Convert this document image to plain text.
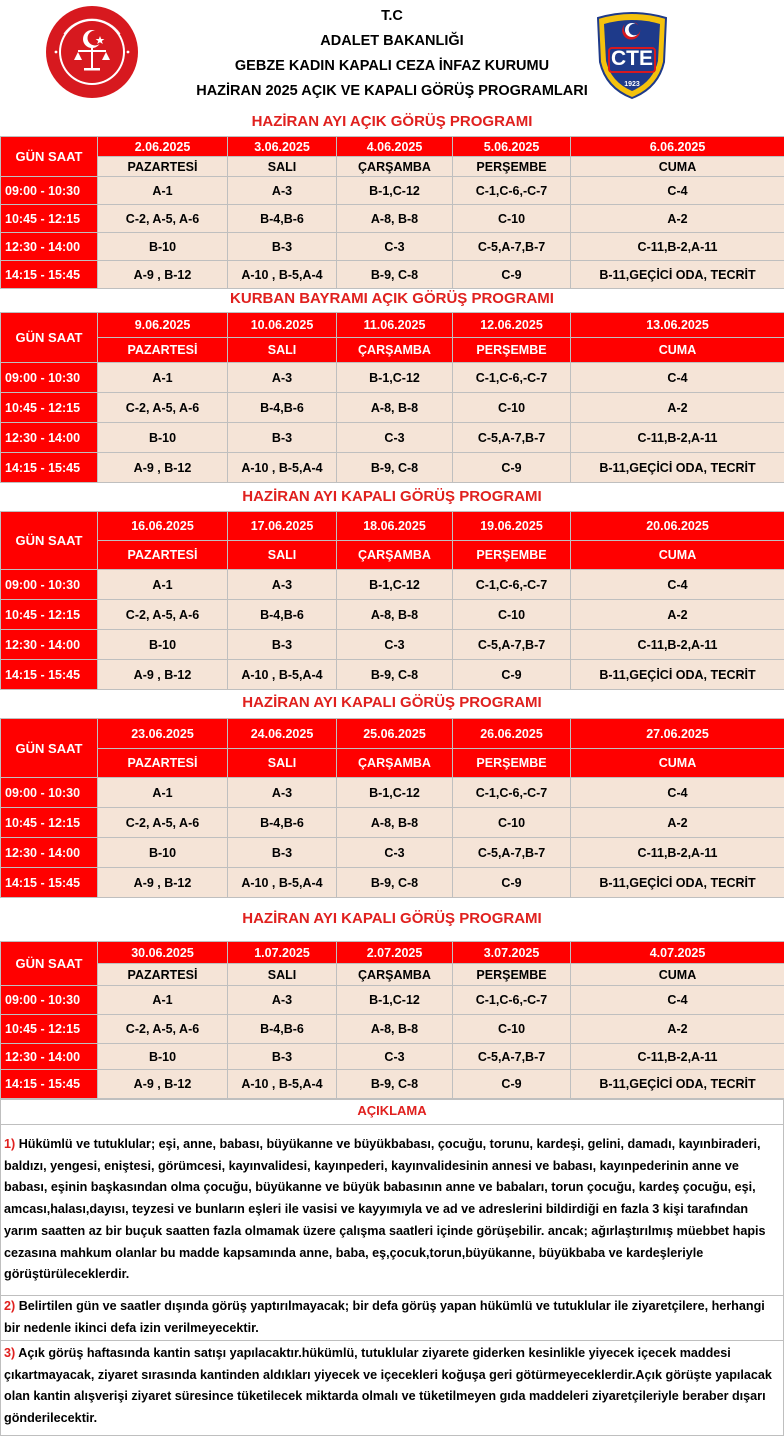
T.C
ADALET BAKANLIĞI
GEBZE KADIN KAPALI CEZA İNFAZ KURUMU
HAZİRAN 2025 AÇIK VE KAPALI GÖRÜŞ PROGRAMLARI
CTE
1923
HAZİRAN AYI AÇIK GÖRÜŞ PROGRAMI
GÜN SAAT	2.06.2025	3.06.2025	4.06.2025	5.06.2025	6.06.2025
	PAZARTESİ	SALI	ÇARŞAMBA	PERŞEMBE	CUMA
09:00 - 10:30	A-1	A-3	B-1,C-12	C-1,C-6,-C-7	C-4
10:45 - 12:15	C-2, A-5, A-6	B-4,B-6	A-8, B-8	C-10	A-2
12:30 - 14:00	B-10	B-3	C-3	C-5,A-7,B-7	C-11,B-2,A-11
14:15 - 15:45	A-9 , B-12	A-10 , B-5,A-4	B-9, C-8	C-9	B-11,GEÇİCİ ODA, TECRİT
KURBAN BAYRAMI AÇIK GÖRÜŞ PROGRAMI
GÜN SAAT	9.06.2025	10.06.2025	11.06.2025	12.06.2025	13.06.2025
	PAZARTESİ	SALI	ÇARŞAMBA	PERŞEMBE	CUMA
09:00 - 10:30	A-1	A-3	B-1,C-12	C-1,C-6,-C-7	C-4
10:45 - 12:15	C-2, A-5, A-6	B-4,B-6	A-8, B-8	C-10	A-2
12:30 - 14:00	B-10	B-3	C-3	C-5,A-7,B-7	C-11,B-2,A-11
14:15 - 15:45	A-9 , B-12	A-10 , B-5,A-4	B-9, C-8	C-9	B-11,GEÇİCİ ODA, TECRİT
HAZİRAN AYI KAPALI GÖRÜŞ PROGRAMI
GÜN SAAT	16.06.2025	17.06.2025	18.06.2025	19.06.2025	20.06.2025
	PAZARTESİ	SALI	ÇARŞAMBA	PERŞEMBE	CUMA
09:00 - 10:30	A-1	A-3	B-1,C-12	C-1,C-6,-C-7	C-4
10:45 - 12:15	C-2, A-5, A-6	B-4,B-6	A-8, B-8	C-10	A-2
12:30 - 14:00	B-10	B-3	C-3	C-5,A-7,B-7	C-11,B-2,A-11
14:15 - 15:45	A-9 , B-12	A-10 , B-5,A-4	B-9, C-8	C-9	B-11,GEÇİCİ ODA, TECRİT
HAZİRAN AYI KAPALI GÖRÜŞ PROGRAMI
GÜN SAAT	23.06.2025	24.06.2025	25.06.2025	26.06.2025	27.06.2025
	PAZARTESİ	SALI	ÇARŞAMBA	PERŞEMBE	CUMA
09:00 - 10:30	A-1	A-3	B-1,C-12	C-1,C-6,-C-7	C-4
10:45 - 12:15	C-2, A-5, A-6	B-4,B-6	A-8, B-8	C-10	A-2
12:30 - 14:00	B-10	B-3	C-3	C-5,A-7,B-7	C-11,B-2,A-11
14:15 - 15:45	A-9 , B-12	A-10 , B-5,A-4	B-9, C-8	C-9	B-11,GEÇİCİ ODA, TECRİT
HAZİRAN AYI KAPALI GÖRÜŞ PROGRAMI
GÜN SAAT	30.06.2025	1.07.2025	2.07.2025	3.07.2025	4.07.2025
	PAZARTESİ	SALI	ÇARŞAMBA	PERŞEMBE	CUMA
09:00 - 10:30	A-1	A-3	B-1,C-12	C-1,C-6,-C-7	C-4
10:45 - 12:15	C-2, A-5, A-6	B-4,B-6	A-8, B-8	C-10	A-2
12:30 - 14:00	B-10	B-3	C-3	C-5,A-7,B-7	C-11,B-2,A-11
14:15 - 15:45	A-9 , B-12	A-10 , B-5,A-4	B-9, C-8	C-9	B-11,GEÇİCİ ODA, TECRİT
AÇIKLAMA
1) Hükümlü ve tutuklular; eşi, anne, babası, büyükanne ve büyükbabası, çocuğu, torunu, kardeşi, gelini, damadı, kayınbiraderi, baldızı, yengesi, eniştesi, görümcesi, kayınvalidesi, kayınpederi, kayınvalidesinin annesi ve babası, kayınpederinin anne ve babası, eşinin başkasından olma çocuğu, büyükanne ve büyük babasının anne ve babaları, torun çocuğu, kardeş çocuğu, eşi, amcası,halası,dayısı, teyzesi ve bunların eşleri ile vasisi ve kayyımıyla ve ad ve adreslerini bildirdiği en fazla 3 kişi tarafından yarım saatten az bir buçuk saatten fazla olmamak üzere çalışma saatleri içinde görüşebilir. ancak; ağırlaştırılmış müebbet hapis cezasına mahkum olanlar bu madde kapsamında anne, baba, eş,çocuk,torun,büyükanne, büyükbaba ve kardeşleriyle görüştürüleceklerdir.
2) Belirtilen gün ve saatler dışında görüş yaptırılmayacak; bir defa görüş yapan hükümlü ve tutuklular ile ziyaretçilere, herhangi bir nedenle ikinci defa izin verilmeyecektir.
3) Açık görüş haftasında kantin satışı yapılacaktır.hükümlü, tutuklular ziyarete giderken kesinlikle yiyecek içecek maddesi çıkartmayacak, ziyaret sırasında kantinden aldıkları yiyecek ve içecekleri koğuşa geri götürmeyeceklerdir.Açık görüşte yapılacak olan kantin alışverişi ziyaret süresince tüketilecek miktarda olmalı ve tüketilmeyen gıda maddeleri ziyaretçileriyle beraber dışarı gönderilecektir.
